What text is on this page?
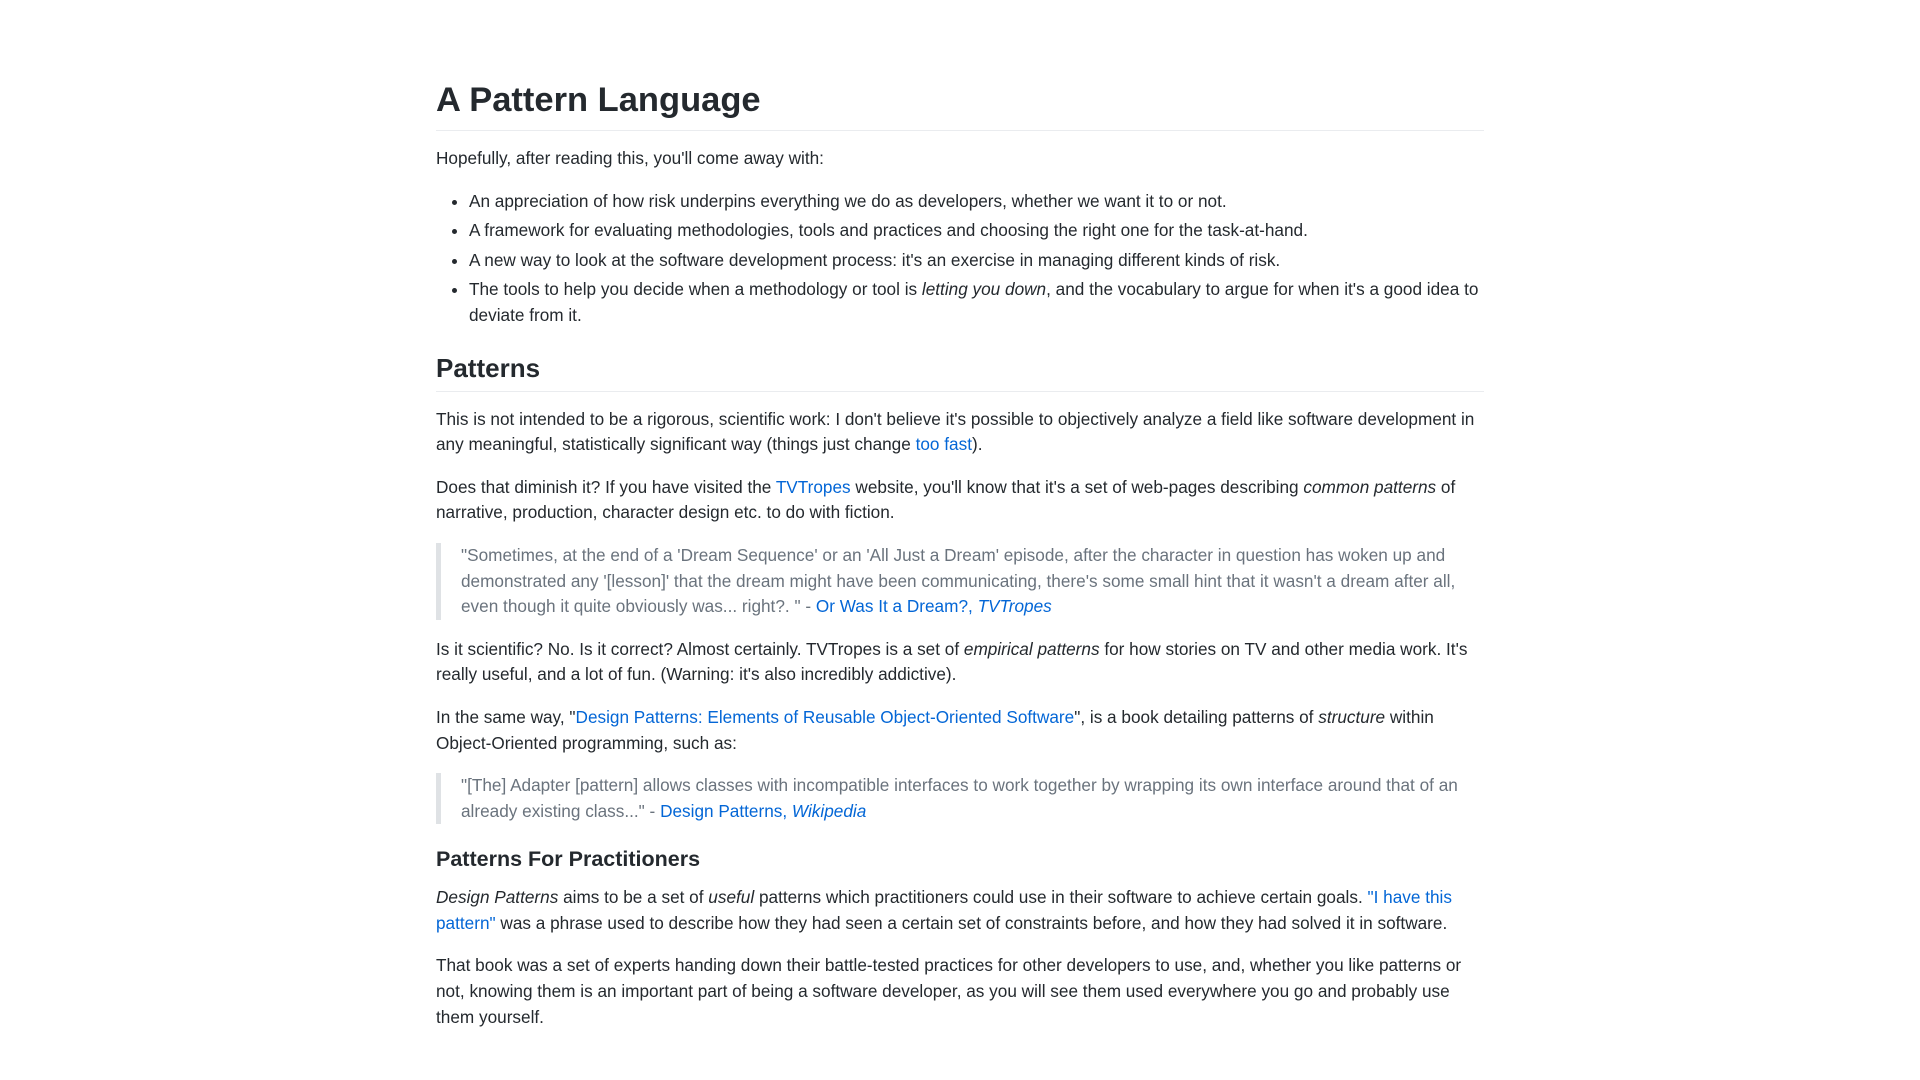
A Pattern Language

Hopefully, after reading this, you'll come away with:

• An appreciation of how risk underpins everything we do as developers, whether we want it to or not.
• A framework for evaluating methodologies, tools and practices and choosing the right one for the task-at-hand.
• A new way to look at the software development process: it's an exercise in managing different kinds of risk.
• The tools to help you decide when a methodology or tool is letting you down, and the vocabulary to argue for when it's a good idea to deviate from it.
Patterns

This is not intended to be a rigorous, scientific work: I don't believe it's possible to objectively analyze a field like software development in any meaningful, statistically significant way (things just change too fast).

Does that diminish it? If you have visited the TVTropes website, you'll know that it's a set of web-pages describing common patterns of narrative, production, character design etc. to do with fiction.

"Sometimes, at the end of a 'Dream Sequence' or an 'All Just a Dream' episode, after the character in question has woken up and demonstrated any '[lesson]' that the dream might have been communicating, there's some small hint that it wasn't a dream after all, even though it quite obviously was... right?. " - Or Was It a Dream?, TVTropes

Is it scientific? No. Is it correct? Almost certainly. TVTropes is a set of empirical patterns for how stories on TV and other media work. It's really useful, and a lot of fun. (Warning: it's also incredibly addictive).

In the same way, "Design Patterns: Elements of Reusable Object-Oriented Software", is a book detailing patterns of structure within Object-Oriented programming, such as:

"[The] Adapter [pattern] allows classes with incompatible interfaces to work together by wrapping its own interface around that of an already existing class..." - Design Patterns, Wikipedia
Patterns For Practitioners

Design Patterns aims to be a set of useful patterns which practitioners could use in their software to achieve certain goals. "I have this pattern" was a phrase used to describe how they had seen a certain set of constraints before, and how they had solved it in software.

That book was a set of experts handing down their battle-tested practices for other developers to use, and, whether you like patterns or not, knowing them is an important part of being a software developer, as you will see them used everywhere you go and probably use them yourself.
